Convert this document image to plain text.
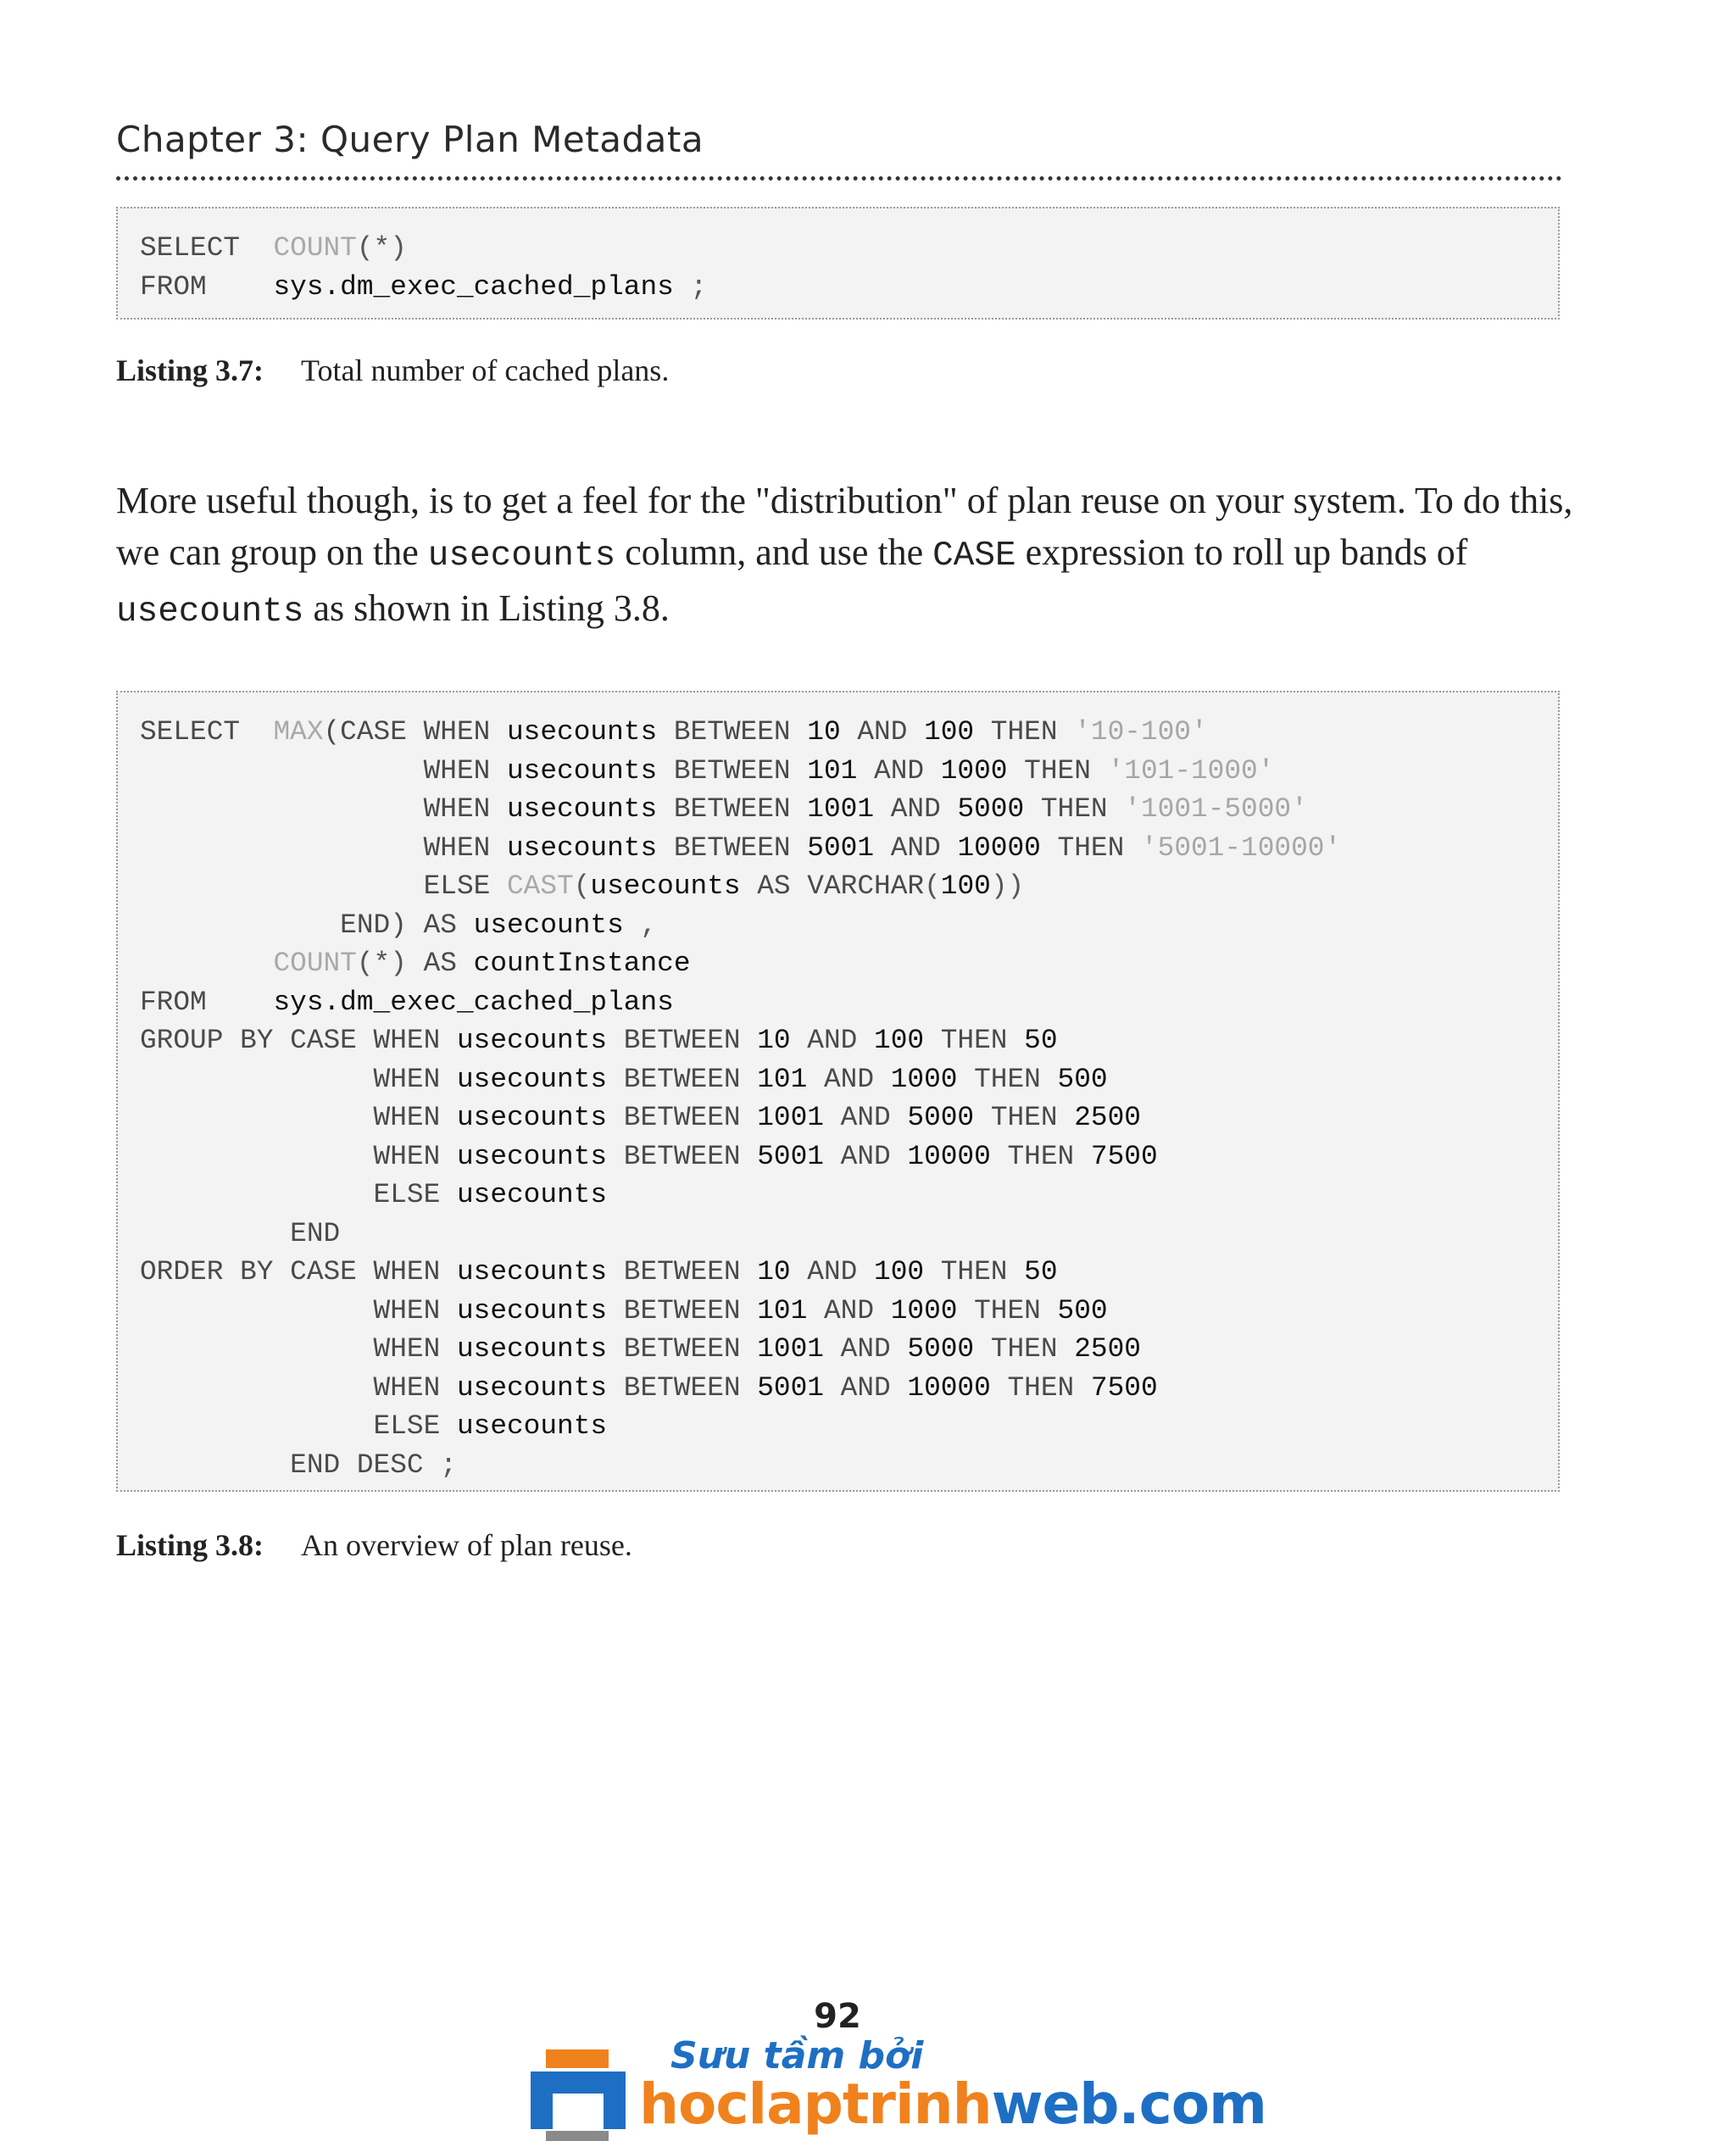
Chapter 3: Query Plan Metadata
SELECT  COUNT(*)
FROM    sys.dm_exec_cached_plans ;
Listing 3.7: Total number of cached plans.
More useful though, is to get a feel for the "distribution" of plan reuse on your system. To do this, we can group on the usecounts column, and use the CASE expression to roll up bands of usecounts as shown in Listing 3.8.
SELECT  MAX(CASE WHEN usecounts BETWEEN 10 AND 100 THEN '10-100'
WHEN usecounts BETWEEN 101 AND 1000 THEN '101-1000'
WHEN usecounts BETWEEN 1001 AND 5000 THEN '1001-5000'
WHEN usecounts BETWEEN 5001 AND 10000 THEN '5001-10000'
ELSE CAST(usecounts AS VARCHAR(100))
END) AS usecounts ,
COUNT(*) AS countInstance
FROM    sys.dm_exec_cached_plans
GROUP BY CASE WHEN usecounts BETWEEN 10 AND 100 THEN 50
WHEN usecounts BETWEEN 101 AND 1000 THEN 500
WHEN usecounts BETWEEN 1001 AND 5000 THEN 2500
WHEN usecounts BETWEEN 5001 AND 10000 THEN 7500
ELSE usecounts
END
ORDER BY CASE WHEN usecounts BETWEEN 10 AND 100 THEN 50
WHEN usecounts BETWEEN 101 AND 1000 THEN 500
WHEN usecounts BETWEEN 1001 AND 5000 THEN 2500
WHEN usecounts BETWEEN 5001 AND 10000 THEN 7500
ELSE usecounts
END DESC ;
Listing 3.8: An overview of plan reuse.
92
Sưu tầm bởi
hoclaptrinhweb.com
